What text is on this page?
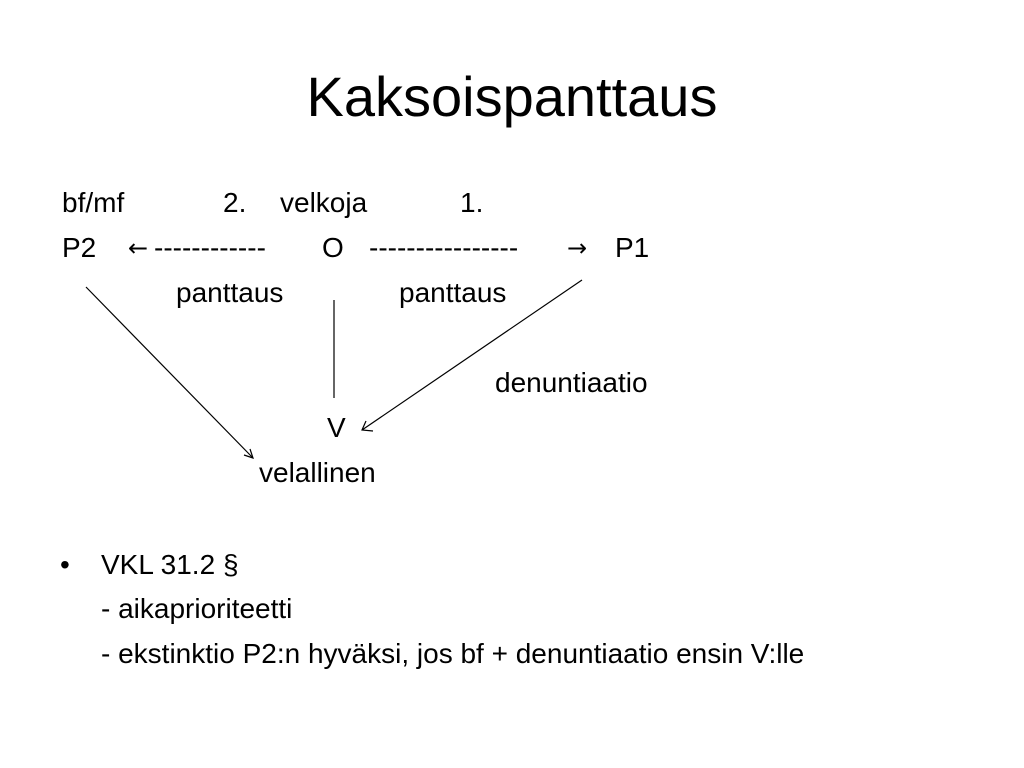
Kaksoispanttaus
bf/mf	2. velkoja	1.
P2 ← ------------ O ---------------- → P1
panttaus	panttaus
denuntiaatio
V
velallinen
• VKL 31.2 §
- aikaprioriteetti
- ekstinktio P2:n hyväksi, jos bf + denuntiaatio ensin V:lle
